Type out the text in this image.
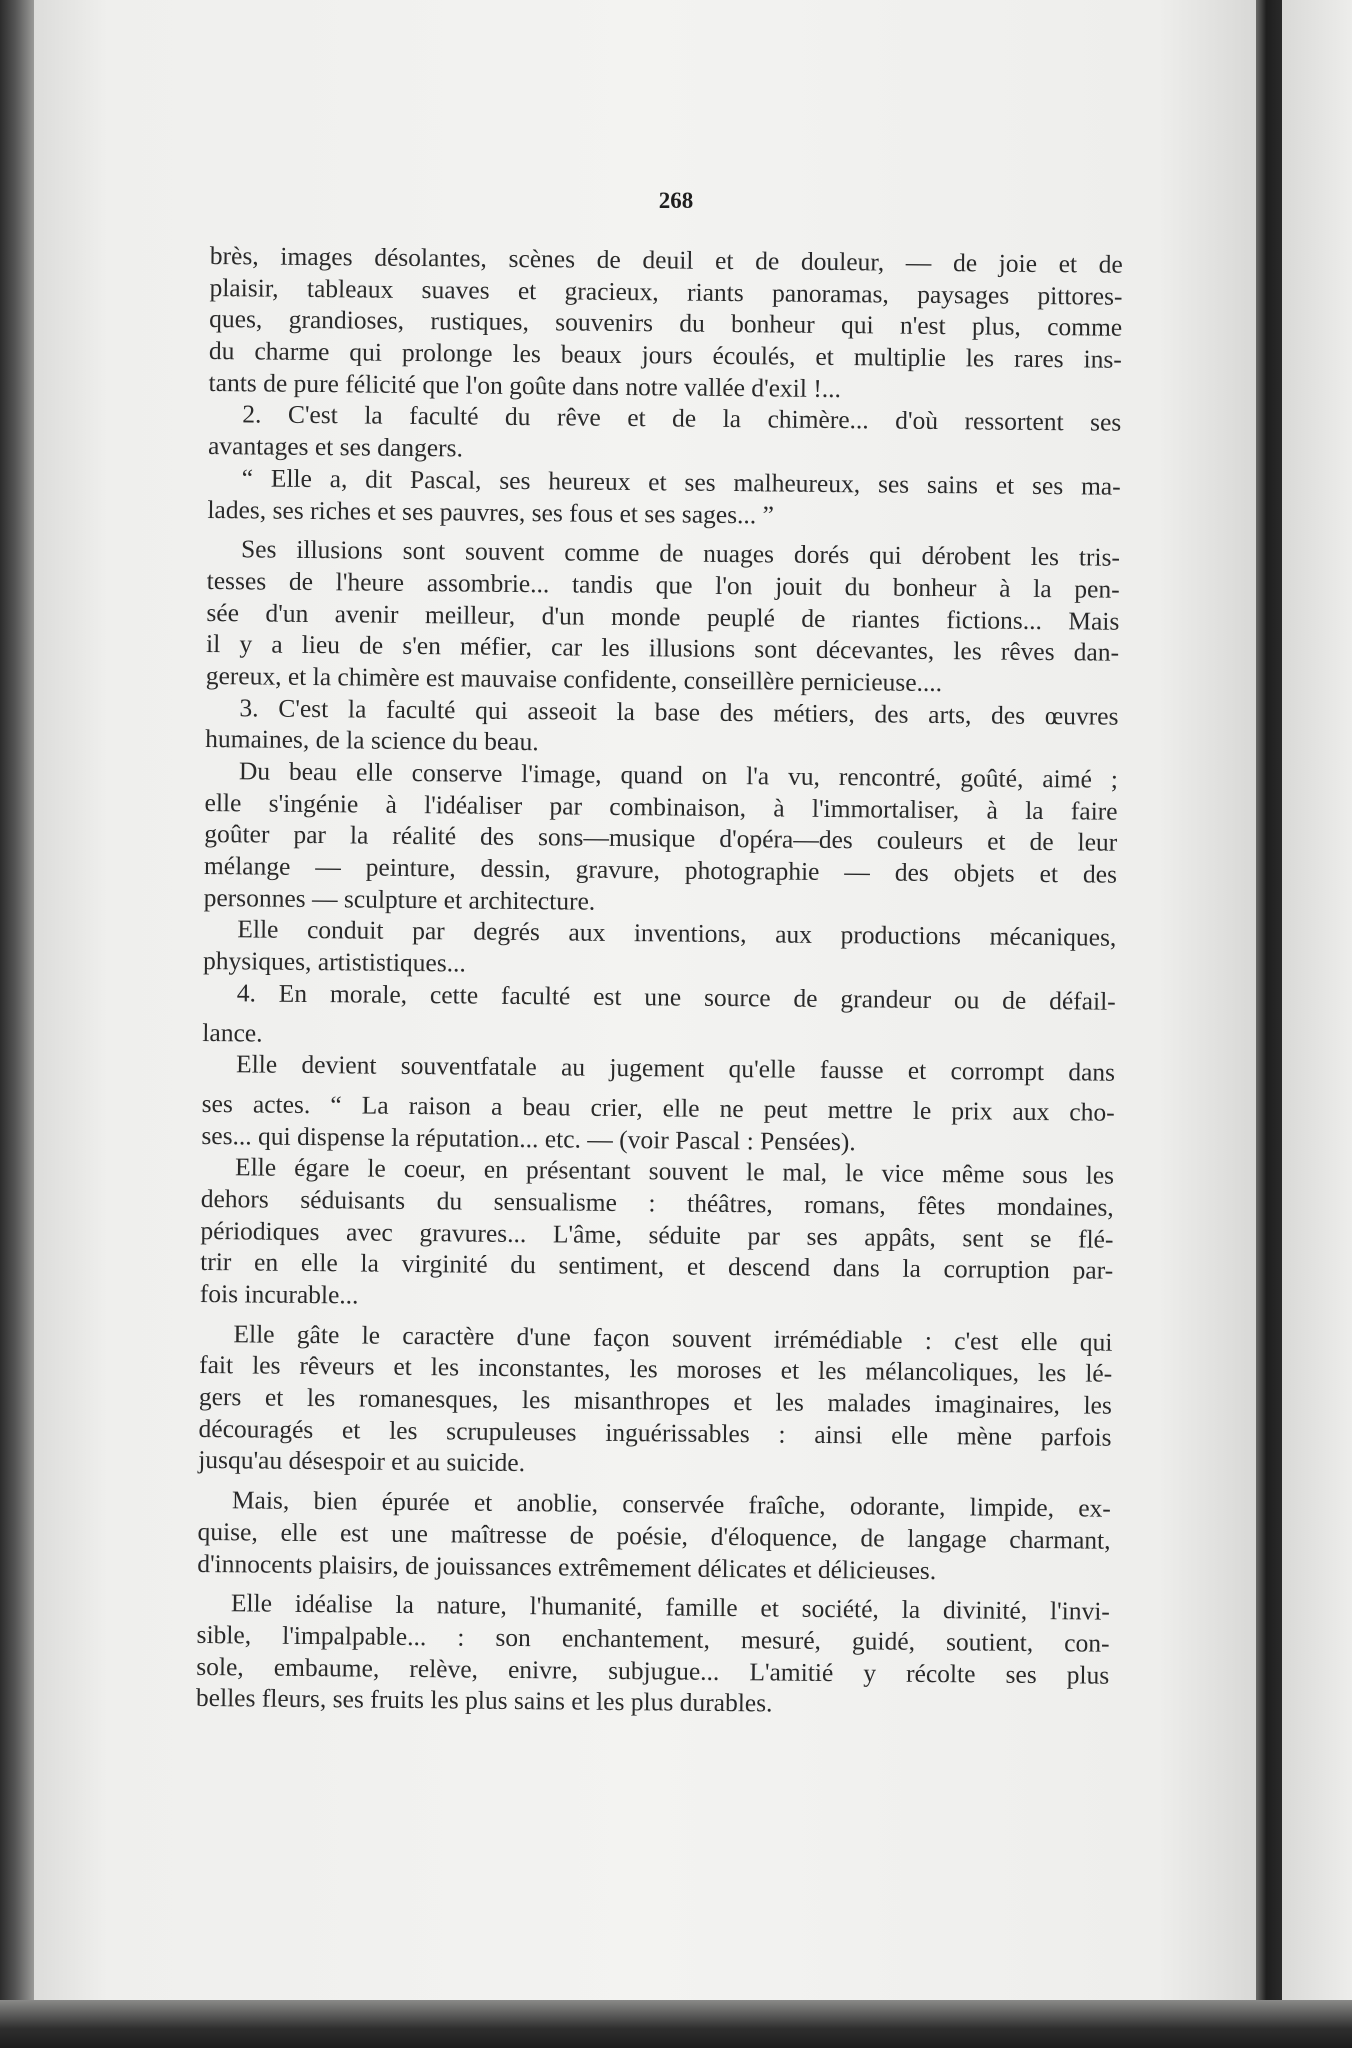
268
brès, images désolantes, scènes de deuil et de douleur, — de joie et de
plaisir, tableaux suaves et gracieux, riants panoramas, paysages pittores-
ques, grandioses, rustiques, souvenirs du bonheur qui n'est plus, comme
du charme qui prolonge les beaux jours écoulés, et multiplie les rares ins-
tants de pure félicité que l'on goûte dans notre vallée d'exil !...
2. C'est la faculté du rêve et de la chimère... d'où ressortent ses
avantages et ses dangers.
“ Elle a, dit Pascal, ses heureux et ses malheureux, ses sains et ses ma-
lades, ses riches et ses pauvres, ses fous et ses sages... ”
Ses illusions sont souvent comme de nuages dorés qui dérobent les tris-
tesses de l'heure assombrie... tandis que l'on jouit du bonheur à la pen-
sée d'un avenir meilleur, d'un monde peuplé de riantes fictions... Mais
il y a lieu de s'en méfier, car les illusions sont décevantes, les rêves dan-
gereux, et la chimère est mauvaise confidente, conseillère pernicieuse....
3. C'est la faculté qui asseoit la base des métiers, des arts, des œuvres
humaines, de la science du beau.
Du beau elle conserve l'image, quand on l'a vu, rencontré, goûté, aimé ;
elle s'ingénie à l'idéaliser par combinaison, à l'immortaliser, à la faire
goûter par la réalité des sons—musique d'opéra—des couleurs et de leur
mélange — peinture, dessin, gravure, photographie — des objets et des
personnes — sculpture et architecture.
Elle conduit par degrés aux inventions, aux productions mécaniques,
physiques, artististiques...
4. En morale, cette faculté est une source de grandeur ou de défail-
lance.
Elle devient souventfatale au jugement qu'elle fausse et corrompt dans
ses actes. “ La raison a beau crier, elle ne peut mettre le prix aux cho-
ses... qui dispense la réputation... etc. — (voir Pascal : Pensées).
Elle égare le coeur, en présentant souvent le mal, le vice même sous les
dehors séduisants du sensualisme : théâtres, romans, fêtes mondaines,
périodiques avec gravures... L'âme, séduite par ses appâts, sent se flé-
trir en elle la virginité du sentiment, et descend dans la corruption par-
fois incurable...
Elle gâte le caractère d'une façon souvent irrémédiable : c'est elle qui
fait les rêveurs et les inconstantes, les moroses et les mélancoliques, les lé-
gers et les romanesques, les misanthropes et les malades imaginaires, les
découragés et les scrupuleuses inguérissables : ainsi elle mène parfois
jusqu'au désespoir et au suicide.
Mais, bien épurée et anoblie, conservée fraîche, odorante, limpide, ex-
quise, elle est une maîtresse de poésie, d'éloquence, de langage charmant,
d'innocents plaisirs, de jouissances extrêmement délicates et délicieuses.
Elle idéalise la nature, l'humanité, famille et société, la divinité, l'invi-
sible, l'impalpable... : son enchantement, mesuré, guidé, soutient, con-
sole, embaume, relève, enivre, subjugue... L'amitié y récolte ses plus
belles fleurs, ses fruits les plus sains et les plus durables.
